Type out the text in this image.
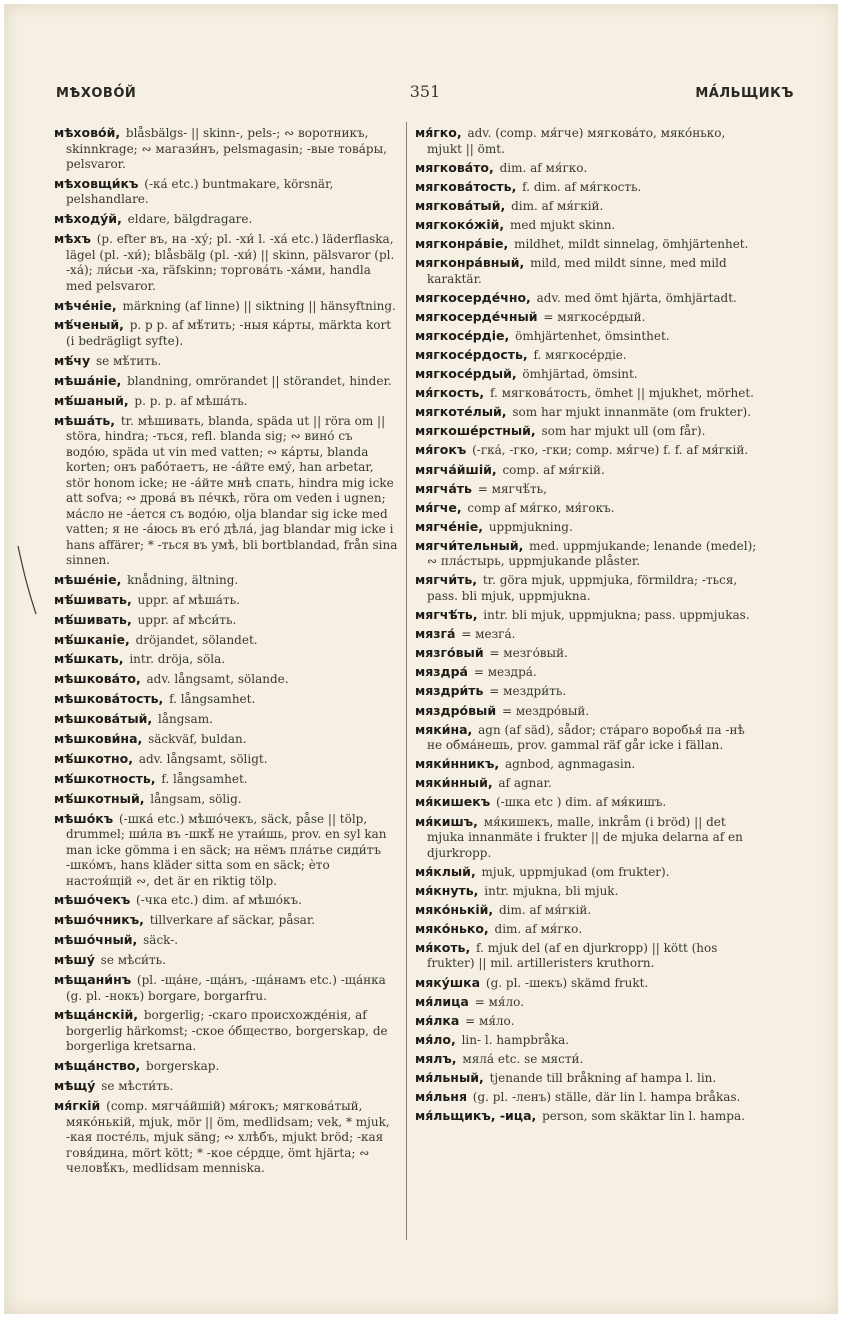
МѢХОВО́Й	351	МА́ЛЬЩИКЪ

мѣхово́й, blåsbälgs- || skinn-, pels-; ∾ воротникъ, skinnkrage; ∾ магази́нъ, pelsmagasin; -вые това́ры, pelsvaror.

мѣховщи́къ (-ка́ etc.) buntmakare, körsnär, pelshandlare.

мѣходу́й, eldare, bälgdragare.

мѣхъ (p. efter въ, на -ху́; pl. -хи́ l. -ха́ etc.) läderflaska, lägel (pl. -хи́); blåsbälg (pl. -хи́) || skinn, pälsvaror (pl. -ха́); ли́сьи -ха, räfskinn; торгова́ть -ха́ми, handla med pelsvaror.

мѣче́ніе, märkning (af linne) || siktning || hänsyftning.

мѣ́ченый, p. p p. af мѣ́тить; -ныя ка́рты, märkta kort (i bedrägligt syfte).

мѣ́чу se мѣ́тить.

мѣша́ніе, blandning, omrörandet || störandet, hinder.

мѣ́шаный, p. p. p. af мѣша́ть.

мѣша́ть, tr. мѣшивать, blanda, späda ut || röra om || störa, hindra; -ться, refl. blanda sig; ∾ вино́ съ водо́ю, späda ut vin med vatten; ∾ ка́рты, blanda korten; онъ рабо́таетъ, не -а́йте ему́, han arbetar, stör honom icke; не -а́йте мнѣ спать, hindra mig icke att sofva; ∾ дрова́ въ пе́чкѣ, röra om veden i ugnen; ма́сло не -а́ется съ водо́ю, olja blandar sig icke med vatten; я не -а́юсь въ его́ дѣла́, jag blandar mig icke i hans affärer; * -ться въ умѣ, bli bortblandad, från sina sinnen.

мѣше́ніе, knådning, ältning.

мѣ́шивать, uppr. af мѣша́ть.

мѣ́шивать, uppr. af мѣси́ть.

мѣ́шканіе, dröjandet, sölandet.

мѣ́шкать, intr. dröja, söla.

мѣшкова́то, adv. långsamt, sölande.

мѣшкова́тость, f. långsamhet.

мѣшкова́тый, långsam.

мѣшкови́на, säckväf, buldan.

мѣ́шкотно, adv. långsamt, söligt.

мѣ́шкотность, f. långsamhet.

мѣ́шкотный, långsam, sölig.

мѣшо́къ (-шка́ etc.) мѣшо́чекъ, säck, påse || tölp, drummel; ши́ла въ -шкѣ́ не утаи́шь, prov. en syl kan man icke gömma i en säck; на нёмъ пла́тье сиди́тъ -шко́мъ, hans kläder sitta som en säck; ѐто настоя́щій ∾, det är en riktig tölp.

мѣшо́чекъ (-чка etc.) dim. af мѣшо́къ.

мѣшо́чникъ, tillverkare af säckar, påsar.

мѣшо́чный, säck-.

мѣшу́ se мѣси́ть.

мѣщани́нъ (pl. -ща́не, -ща́нъ, -ща́намъ etc.) -ща́нка (g. pl. -нокъ) borgare, borgarfru.

мѣща́нскій, borgerlig; -скаго происхожде́нія, af borgerlig härkomst; -ское о́бщество, borgerskap, de borgerliga kretsarna.

мѣща́нство, borgerskap.

мѣщу́ se мѣсти́ть.

мя́гкій (comp. мягча́йшій) мя́гокъ; мягкова́тый, мяко́нькій, mjuk, mör || öm, medlidsam; vek, * mjuk, -кая посте́ль, mjuk säng; ∾ хлѣбъ, mjukt bröd; -кая говя́дина, mört kött; * -кое се́рдце, ömt hjärta; ∾ человѣ́къ, medlidsam menniska.

мя́гко, adv. (comp. мя́гче) мягкова́то, мяко́нько, mjukt || ömt.

мягкова́то, dim. af мя́гко.

мягкова́тость, f. dim. af мя́гкость.

мягкова́тый, dim. af мя́гкій.

мягкоко́жій, med mjukt skinn.

мягконра́віе, mildhet, mildt sinnelag, ömhjärtenhet.

мягконра́вный, mild, med mildt sinne, med mild karaktär.

мягкосерде́чно, adv. med ömt hjärta, ömhjärtadt.

мягкосерде́чный = мягкосе́рдый.

мягкосе́рдіе, ömhjärtenhet, ömsinthet.

мягкосе́рдость, f. мягкосе́рдіе.

мягкосе́рдый, ömhjärtad, ömsint.

мя́гкость, f. мягкова́тость, ömhet || mjukhet, mörhet.

мягкоте́лый, som har mjukt innanmäte (om frukter).

мягкоше́рстный, som har mjukt ull (om får).

мя́гокъ (-гка́, -гко, -гки; comp. мя́гче) f. f. af мя́гкій.

мягча́йшій, comp. af мя́гкій.

мягча́ть = мягчѣ́ть,

мя́гче, comp af мя́гко, мя́гокъ.

мягче́ніе, uppmjukning.

мягчи́тельный, med. uppmjukande; lenande (medel); ∾ пла́стырь, uppmjukande plåster.

мягчи́ть, tr. göra mjuk, uppmjuka, förmildra; -ться, pass. bli mjuk, uppmjukna.

мягчѣ́ть, intr. bli mjuk, uppmjukna; pass. uppmjukas.

мязга́ = мезга́.

мязго́вый = мезго́вый.

мяздра́ = мездра́.

мяздри́ть = мездри́ть.

мяздро́вый = мездро́вый.

мяки́на, agn (af säd), sådor; ста́раго воробья́ па -нѣ не обма́нешь, prov. gammal räf går icke i fällan.

мяки́нникъ, agnbod, agnmagasin.

мяки́нный, af agnar.

мя́кишекъ (-шка etc ) dim. af мя́кишъ.

мя́кишъ, мя́кишекъ, malle, inkråm (i bröd) || det mjuka innanmäte i frukter || de mjuka delarna af en djurkropp.

мя́клый, mjuk, uppmjukad (om frukter).

мя́кнуть, intr. mjukna, bli mjuk.

мяко́нькій, dim. af мя́гкій.

мяко́нько, dim. af мя́гко.

мя́коть, f. mjuk del (af en djurkropp) || kött (hos frukter) || mil. artilleristers kruthorn.

мяку́шка (g. pl. -шекъ) skämd frukt.

мя́лица = мя́ло.

мя́лка = мя́ло.

мя́ло, lin- l. hampbråka.

мялъ, мяла́ etc. se мясти́.

мя́льный, tjenande till bråkning af hampa l. lin.

мя́льня (g. pl. -ленъ) ställe, där lin l. hampa bråkas.

мя́льщикъ, -ица, person, som skäktar lin l. hampa.
